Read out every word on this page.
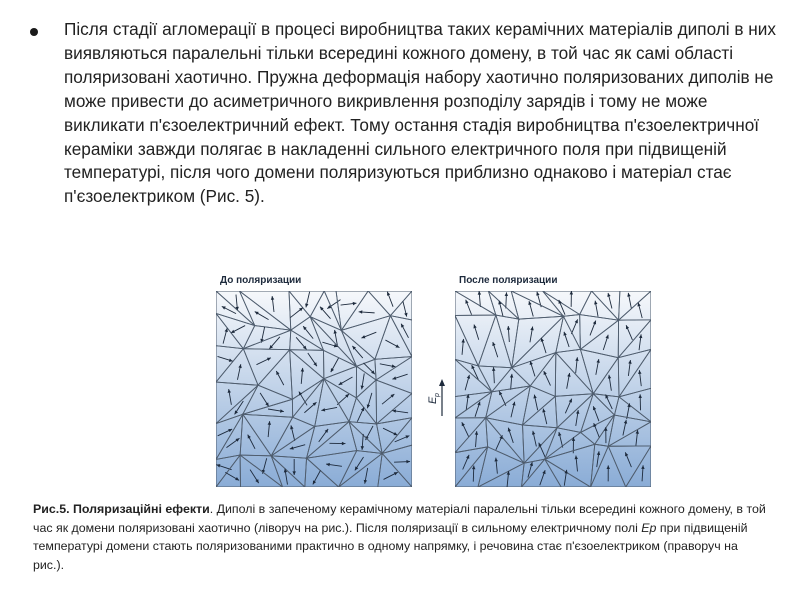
Після стадії агломерації в процесі виробництва таких керамічних матеріалів диполі в них виявляються паралельні тільки всередині кожного домену, в той час як самі області поляризовані хаотично. Пружна деформація набору хаотично поляризованих диполів не може привести до асиметричного викривлення розподілу зарядів і тому не може викликати п'єзоелектричний ефект. Тому остання стадія виробництва п'єзоелектричної кераміки завжди полягає в накладенні сильного електричного поля при підвищеній температурі, після чого домени поляризуються приблизно однаково і матеріал стає п'єзоелектриком (Рис. 5).
До поляризации	После поляризации
E
p
Рис.5. Поляризаційні ефекти. Диполі в запеченому керамічному матеріалі паралельні тільки всередині кожного домену, в той час як домени поляризовані хаотично (ліворуч на рис.). Після поляризації в сильному електричному полі Ep при підвищеній температурі домени стають поляризованими практично в одному напрямку, і речовина стає п'єзоелектриком (праворуч на рис.).
